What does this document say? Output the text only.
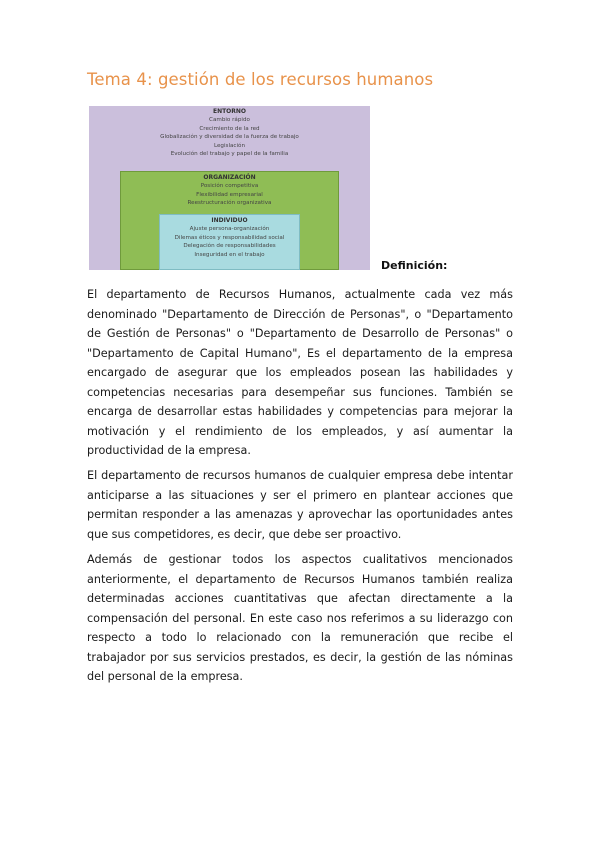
Tema 4: gestión de los recursos humanos
ENTORNO
Cambio rápido
Crecimiento de la red
Globalización y diversidad de la fuerza de trabajo
Legislación
Evolución del trabajo y papel de la familia
ORGANIZACIÓN
Posición competitiva
Flexibilidad empresarial
Reestructuración organizativa
INDIVIDUO
Ajuste persona-organización
Dilemas éticos y responsabilidad social
Delegación de responsabilidades
Inseguridad en el trabajo
Definición:

El departamento de Recursos Humanos, actualmente cada vez más denominado "Departamento de Dirección de Personas", o "Departamento de Gestión de Personas" o "Departamento de Desarrollo de Personas" o "Departamento de Capital Humano", Es el departamento de la empresa encargado de asegurar que los empleados posean las habilidades y competencias necesarias para desempeñar sus funciones. También se encarga de desarrollar estas habilidades y competencias para mejorar la motivación y el rendimiento de los empleados, y así aumentar la productividad de la empresa.

El departamento de recursos humanos de cualquier empresa debe intentar anticiparse a las situaciones y ser el primero en plantear acciones que permitan responder a las amenazas y aprovechar las oportunidades antes que sus competidores, es decir, que debe ser proactivo.

Además de gestionar todos los aspectos cualitativos mencionados anteriormente, el departamento de Recursos Humanos también realiza determinadas acciones cuantitativas que afectan directamente a la compensación del personal. En este caso nos referimos a su liderazgo con respecto a todo lo relacionado con la remuneración que recibe el trabajador por sus servicios prestados, es decir, la gestión de las nóminas del personal de la empresa.
